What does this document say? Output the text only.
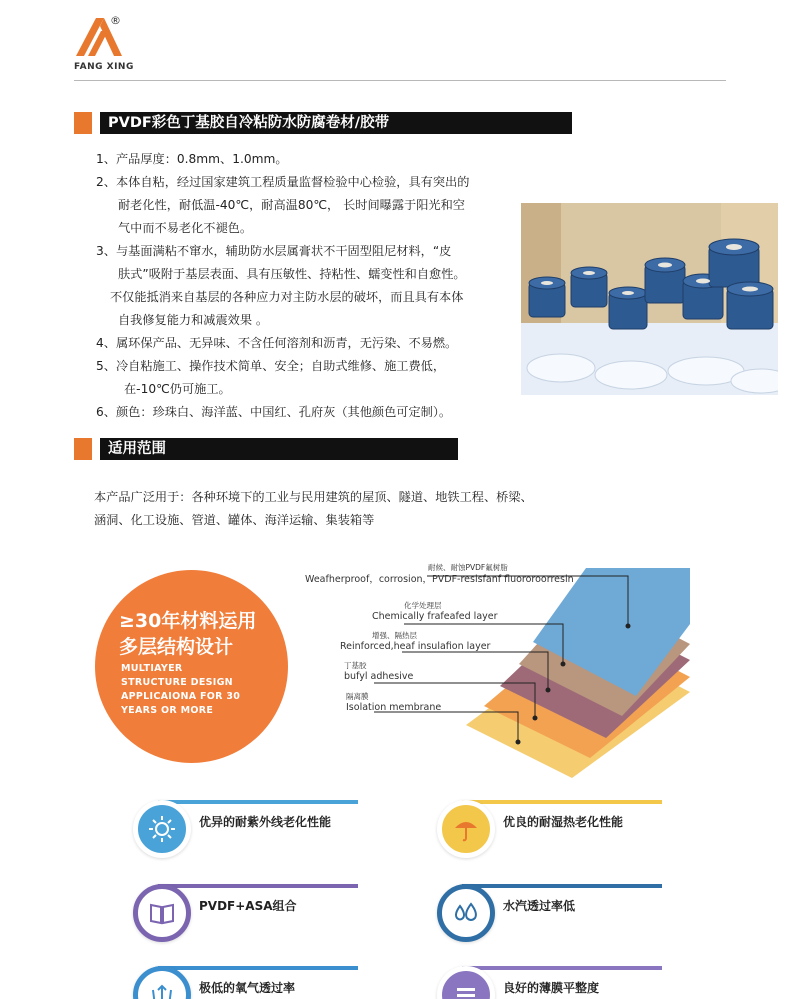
®
FANG XING
PVDF彩色丁基胶自冷粘防水防腐卷材/胶带
1、产品厚度：0.8mm、1.0mm。
2、本体自粘，经过国家建筑工程质量监督检验中心检验，具有突出的
耐老化性，耐低温-40℃，耐高温80℃， 长时间曝露于阳光和空
气中而不易老化不褪色。
3、与基面满粘不窜水，辅助防水层属膏状不干固型阻尼材料，“皮
肤式”吸附于基层表面、具有压敏性、持粘性、蠕变性和自愈性。
不仅能抵消来自基层的各种应力对主防水层的破坏，而且具有本体
自我修复能力和减震效果 。
4、属环保产品、无异味、不含任何溶剂和沥青，无污染、不易燃。
5、冷自粘施工、操作技术简单、安全；自助式维修、施工费低，
在-10℃仍可施工。
6、颜色：珍珠白、海洋蓝、中国红、孔府灰（其他颜色可定制）。
适用范围
本产品广泛用于：各种环境下的工业与民用建筑的屋顶、隧道、地铁工程、桥梁、
涵洞、化工设施、管道、罐体、海洋运输、集装箱等
≥30年材料运用
多层结构设计
MULTIAYER
STRUCTURE DESIGN
APPLICAIONA FOR 30
YEARS OR MORE
耐候、耐蚀PVDF氟树脂
Weafherproof，corrosion，PVDF-resisfanf fluororoorresin
化学处理层
Chemically frafeafed layer
增强、隔热层
Reinforced,heaf insulafion layer
丁基胶
bufyl adhesive
隔离膜
Isolation membrane
优异的耐紫外线老化性能	优良的耐湿热老化性能
PVDF+ASA组合	水汽透过率低
极低的氧气透过率	良好的薄膜平整度
